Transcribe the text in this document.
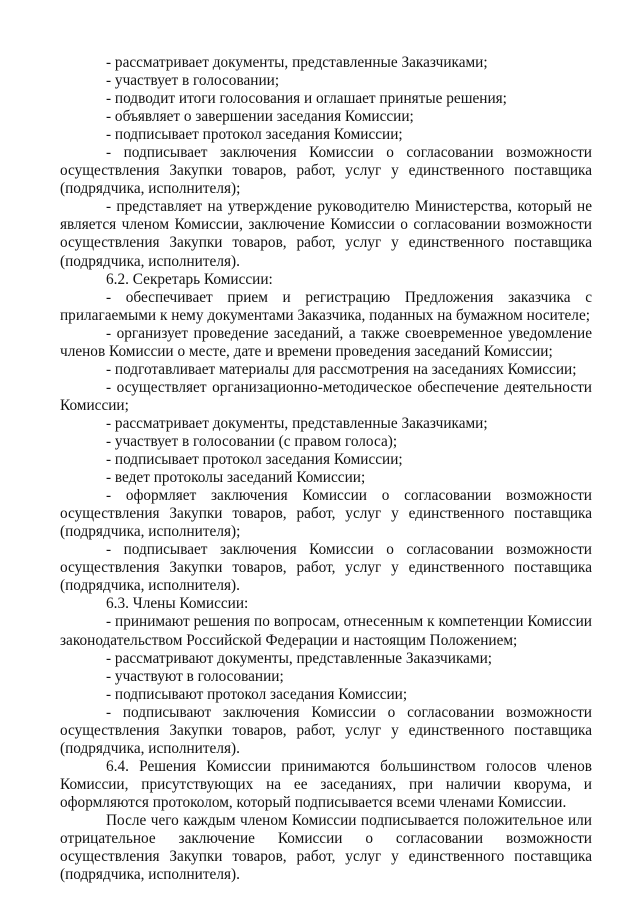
- рассматривает документы, представленные Заказчиками;

- участвует в голосовании;

- подводит итоги голосования и оглашает принятые решения;

- объявляет о завершении заседания Комиссии;

- подписывает протокол заседания Комиссии;

- подписывает заключения Комиссии о согласовании возможности осуществления Закупки товаров, работ, услуг у единственного поставщика (подрядчика, исполнителя);

- представляет на утверждение руководителю Министерства, который не является членом Комиссии, заключение Комиссии о согласовании возможности осуществления Закупки товаров, работ, услуг у единственного поставщика (подрядчика, исполнителя).

6.2. Секретарь Комиссии:

- обеспечивает прием и регистрацию Предложения заказчика с прилагаемыми к нему документами Заказчика, поданных на бумажном носителе;

- организует проведение заседаний, а также своевременное уведомление членов Комиссии о месте, дате и времени проведения заседаний Комиссии;

- подготавливает материалы для рассмотрения на заседаниях Комиссии;

- осуществляет организационно-методическое обеспечение деятельности Комиссии;

- рассматривает документы, представленные Заказчиками;

- участвует в голосовании (с правом голоса);

- подписывает протокол заседания Комиссии;

- ведет протоколы заседаний Комиссии;

- оформляет заключения Комиссии о согласовании возможности осуществления Закупки товаров, работ, услуг у единственного поставщика (подрядчика, исполнителя);

- подписывает заключения Комиссии о согласовании возможности осуществления Закупки товаров, работ, услуг у единственного поставщика (подрядчика, исполнителя).

6.3. Члены Комиссии:

- принимают решения по вопросам, отнесенным к компетенции Комиссии законодательством Российской Федерации и настоящим Положением;

- рассматривают документы, представленные Заказчиками;

- участвуют в голосовании;

- подписывают протокол заседания Комиссии;

- подписывают заключения Комиссии о согласовании возможности осуществления Закупки товаров, работ, услуг у единственного поставщика (подрядчика, исполнителя).

6.4. Решения Комиссии принимаются большинством голосов членов Комиссии, присутствующих на ее заседаниях, при наличии кворума, и оформляются протоколом, который подписывается всеми членами Комиссии.

После чего каждым членом Комиссии подписывается положительное или отрицательное заключение Комиссии о согласовании возможности осуществления Закупки товаров, работ, услуг у единственного поставщика (подрядчика, исполнителя).
